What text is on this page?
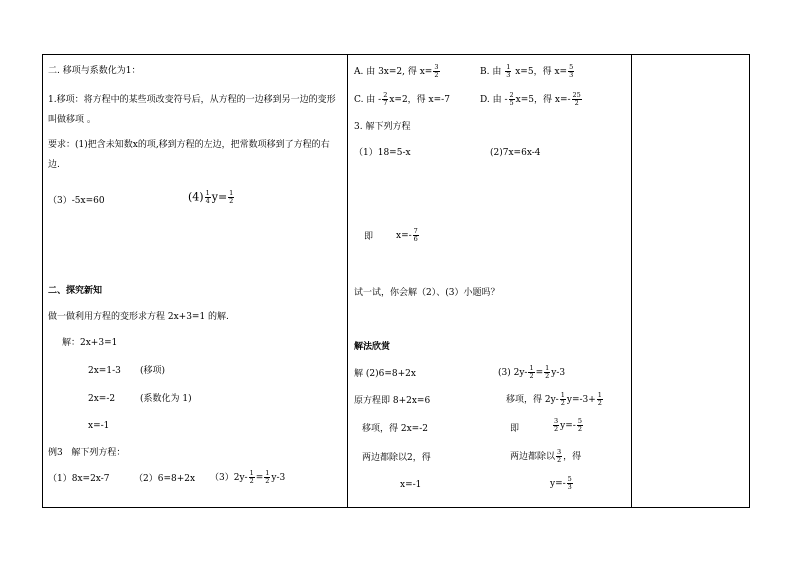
二. 移项与系数化为1：
1.移项：将方程中的某些项改变符号后，从方程的一边移到另一边的变形
叫做移项 。
要求：(1)把含未知数x的项,移到方程的左边，把常数项移到了方程的右
边.
（3）-5x=60	$(4) \frac{1}{4} y= \frac{1}{2}$
二、探究新知
做一做利用方程的变形求方程 2x+3=1 的解.
解：2x+3=1
2x=1-3 (移项)
2x=-2	(系数化为 1)
x=-1
例3 解下列方程：
（1）8x=2x-7	（2）6=8+2x $(3)2y- \frac{1}{2} = \frac{1}{2} y-3$
A. 由 3x=2, 得 $x= \frac{3}{2}$	B. 由 $\frac{1}{3} x=5$，得 $x= \frac{5}{3}$
C. 由 - $\frac{2}{7} x=2$，得 x=-7	D. 由 - $\frac{2}{5} x=5$，得 $x=- \frac{25}{2}$
3. 解下列方程
（1）18=5-x	(2)7x=6x-4
即	$x=- \frac{7}{6}$
试一试，你会解（2）、(3）小题吗？
解法欣赏
解 (2)6=8+2x	(3) $2y- \frac{1}{2} = \frac{1}{2} y-3$
原方程即 8+2x=6	移项，得 $2y- \frac{1}{2} y=-3+ \frac{1}{2}$
移项，得 2x=-2	即	$\frac{3}{2} y=- \frac{5}{2}$
两边都除以2，得	两边都除以 $\frac{3}{2}$ ，得
x=-1	$y=- \frac{5}{3}$
